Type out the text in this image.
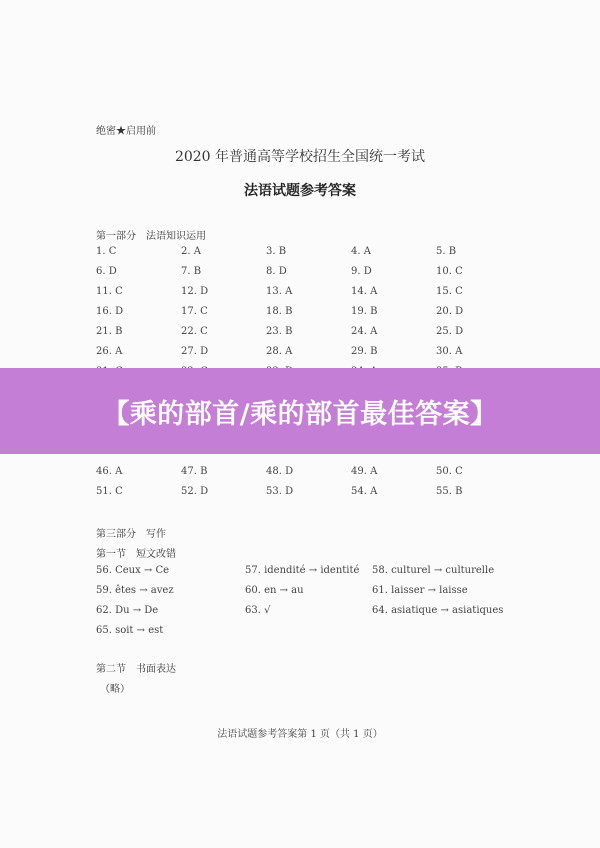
绝密★启用前
2020 年普通高等学校招生全国统一考试
法语试题参考答案
第一部分　法语知识运用
1. C	2. A	3. B	4. A	5. B
6. D	7. B	8. D	9. D	10. C
11. C	12. D	13. A	14. A	15. C
16. D	17. C	18. B	19. B	20. D
21. B	22. C	23. B	24. A	25. D
26. A	27. D	28. A	29. B	30. A
46. A	47. B	48. D	49. A	50. C
51. C	52. D	53. D	54. A	55. B
第三部分　写作
第一节　短文改错
56. Ceux → Ce	57. idendité → identité 58. culturel → culturelle
59. êtes → avez	60. en → au	61. laisser → laisse
62. Du → De	63. √	64. asiatique → asiatiques
65. soit → est
第二节　书面表达
（略）
法语试题参考答案第 1 页（共 1 页）
【乘的部首/乘的部首最佳答案】
